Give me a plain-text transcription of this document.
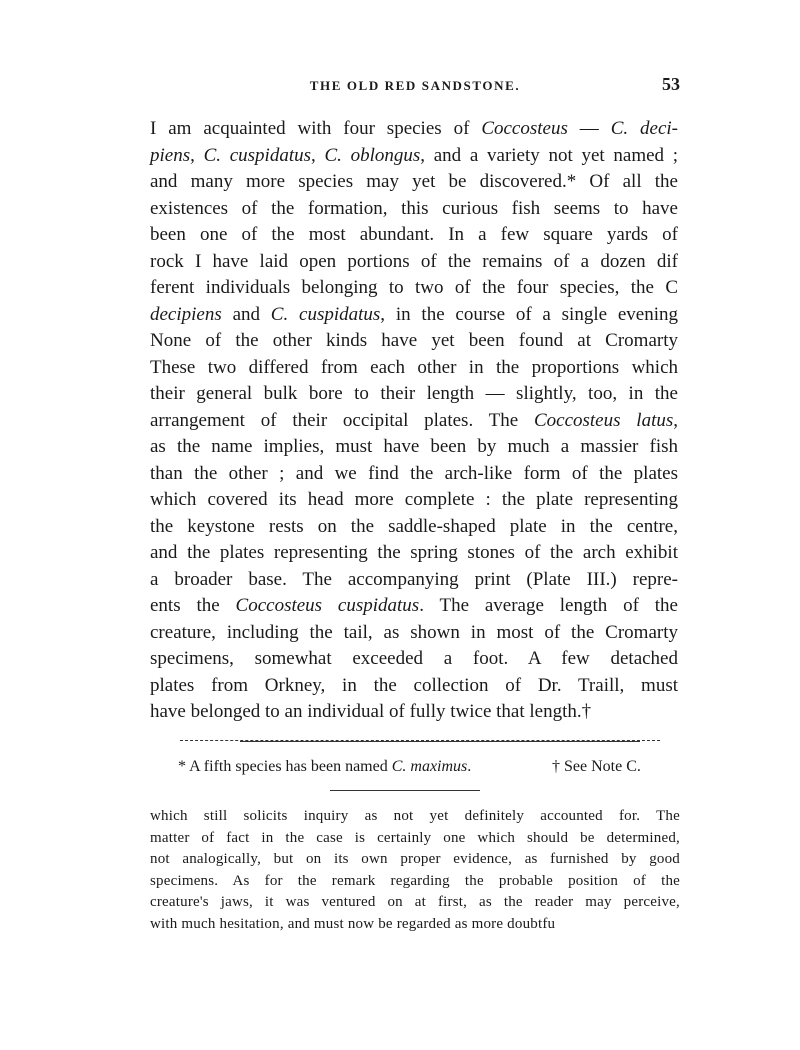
THE OLD RED SANDSTONE.	53
I am acquainted with four species of Coccosteus — C. deci-
piens, C. cuspidatus, C. oblongus, and a variety not yet named ;
and many more species may yet be discovered.* Of all the
existences of the formation, this curious fish seems to have
been one of the most abundant. In a few square yards of
rock I have laid open portions of the remains of a dozen dif
ferent individuals belonging to two of the four species, the C
decipiens and C. cuspidatus, in the course of a single evening
None of the other kinds have yet been found at Cromarty
These two differed from each other in the proportions which
their general bulk bore to their length — slightly, too, in the
arrangement of their occipital plates. The Coccosteus latus,
as the name implies, must have been by much a massier fish
than the other ; and we find the arch-like form of the plates
which covered its head more complete : the plate representing
the keystone rests on the saddle-shaped plate in the centre,
and the plates representing the spring stones of the arch exhibit
a broader base. The accompanying print (Plate III.) repre-
ents the Coccosteus cuspidatus. The average length of the
creature, including the tail, as shown in most of the Cromarty
specimens, somewhat exceeded a foot. A few detached
plates from Orkney, in the collection of Dr. Traill, must
have belonged to an individual of fully twice that length.†
* A fifth species has been named C. maximus.	† See Note C.
which still solicits inquiry as not yet definitely accounted for. The
matter of fact in the case is certainly one which should be determined,
not analogically, but on its own proper evidence, as furnished by good
specimens. As for the remark regarding the probable position of the
creature's jaws, it was ventured on at first, as the reader may perceive,
with much hesitation, and must now be regarded as more doubtfu
